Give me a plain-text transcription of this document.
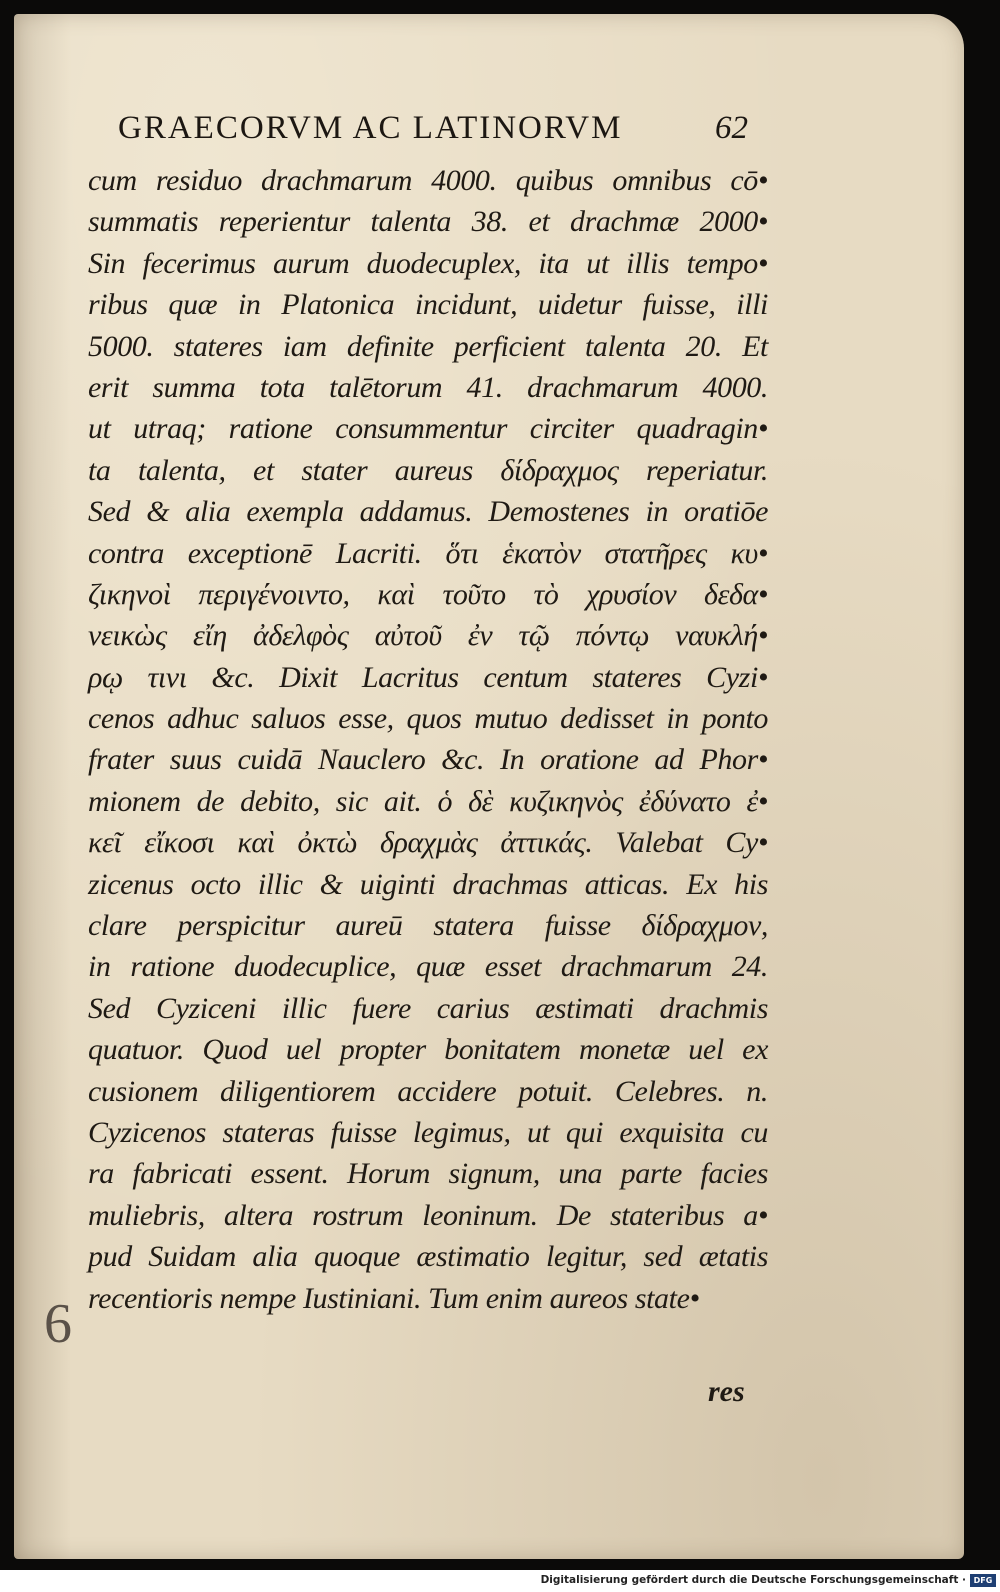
GRAECORVM AC LATINORVM	62
cum residuo drachmarum 4000. quibus omnibus cō•
summatis reperientur talenta 38. et drachmæ 2000•
Sin fecerimus aurum duodecuplex, ita ut illis tempo•
ribus quæ in Platonica incidunt, uidetur fuisse, illi
5000. stateres iam definite perficient talenta 20. Et
erit summa tota talētorum 41. drachmarum 4000.
ut utraq; ratione consummentur circiter quadragin•
ta talenta, et stater aureus δίδραχμος reperiatur.
Sed & alia exempla addamus. Demostenes in oratiōe
contra exceptionē Lacriti. ὅτι ἑκατὸν στατῆρες κυ•
ζικηνοὶ περιγένοιντο, καὶ τοῦτο τὸ χρυσίον δεδα•
νεικὼς εἴη ἀδελφὸς αὐτοῦ ἐν τῷ πόντῳ ναυκλή•
ρῳ τινι &c. Dixit Lacritus centum stateres Cyzi•
cenos adhuc saluos esse, quos mutuo dedisset in ponto
frater suus cuidā Nauclero &c. In oratione ad Phor•
mionem de debito, sic ait. ὁ δὲ κυζικηνὸς ἐδύνατο ἐ•
κεῖ εἴκοσι καὶ ὀκτὼ δραχμὰς ἀττικάς. Valebat Cy•
zicenus octo illic & uiginti drachmas atticas. Ex his
clare perspicitur aureū statera fuisse δίδραχμον,
in ratione duodecuplice, quæ esset drachmarum 24.
Sed Cyziceni illic fuere carius æstimati drachmis
quatuor. Quod uel propter bonitatem monetæ uel ex
cusionem diligentiorem accidere potuit. Celebres. n.
Cyzicenos stateras fuisse legimus, ut qui exquisita cu
ra fabricati essent. Horum signum, una parte facies
muliebris, altera rostrum leoninum. De stateribus a•
pud Suidam alia quoque æstimatio legitur, sed ætatis
recentioris nempe Iustiniani. Tum enim aureos state•
res
6
Digitalisierung gefördert durch die Deutsche Forschungsgemeinschaft · DFG
